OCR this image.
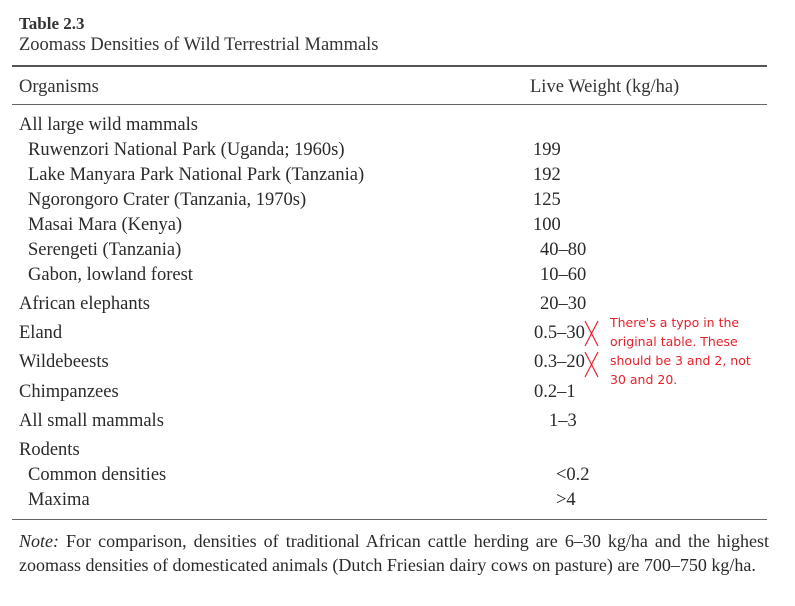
Table 2.3
Zoomass Densities of Wild Terrestrial Mammals
Organisms	Live Weight (kg/ha)
All large wild mammals
Ruwenzori National Park (Uganda; 1960s)	199
Lake Manyara Park National Park (Tanzania)	192
Ngorongoro Crater (Tanzania, 1970s)	125
Masai Mara (Kenya)	100
Serengeti (Tanzania)	40–80
Gabon, lowland forest	10–60
African elephants	20–30
Eland	0.5–30
Wildebeests	0.3–20
Chimpanzees	0.2–1
All small mammals	1–3
Rodents
Common densities	<0.2
Maxima	>4
Note: For comparison, densities of traditional African cattle herding are 6–30 kg/ha and the highest zoomass densities of domesticated animals (Dutch Friesian dairy cows on pasture) are 700–750 kg/ha.
There's a typo in the original table. These should be 3 and 2, not 30 and 20.
